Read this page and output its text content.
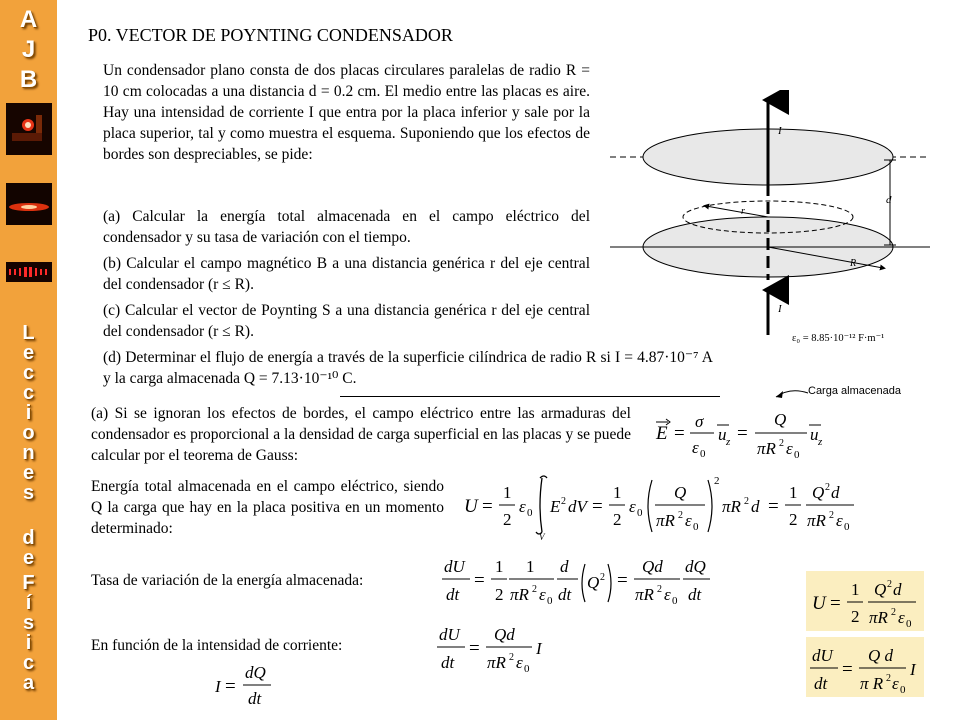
A
J
B
L
e
c
c
i
o
n
e
s
d
e
F
í
s
i
c
a
P0. VECTOR DE POYNTING CONDENSADOR
Un condensador plano consta de dos placas circulares paralelas de radio R = 10 cm colocadas a una distancia d = 0.2 cm. El medio entre las placas es aire. Hay una intensidad de corriente I que entra por la placa inferior y sale por la placa superior, tal y como muestra el esquema. Suponiendo que los efectos de bordes son despreciables, se pide:
(a) Calcular la energía total almacenada en el campo eléctrico del condensador y su tasa de variación con el tiempo.
(b) Calcular el campo magnético B a una distancia genérica r del eje central del condensador (r ≤ R).
(c) Calcular el vector de Poynting S a una distancia genérica r del eje central del condensador (r ≤ R).
(d) Determinar el flujo de energía a través de la superficie cilíndrica de radio R si I = 4.87·10⁻⁷ A y la carga almacenada Q = 7.13·10⁻¹⁰ C.
I
I
d
r
R
ε₀ = 8.85·10⁻¹² F·m⁻¹
Carga almacenada
(a) Si se ignoran los efectos de bordes, el campo eléctrico entre las armaduras del condensador es proporcional a la densidad de carga superficial en las placas y se puede calcular por el teorema de Gauss:
E =
σ
ε 0
u z =
Q
πR 2 ε 0
u z
Energía total almacenada en el campo eléctrico, siendo Q la carga que hay en la placa positiva en un momento determinado:
U =
1
2
ε 0
V
E 2 dV =
1
2
ε 0
Q
πR 2 ε 0
2
πR 2 d =
1
2
Q 2 d
πR 2 ε 0
Tasa de variación de la energía almacenada:
dU
dt
=
1
2
1
πR 2 ε 0
d
dt
Q 2 =
Qd
πR 2 ε 0
dQ
dt	U =
1
2
Q 2 d
πR 2 ε 0
En función de la intensidad de corriente:
dU
dt
=
Qd
πR 2 ε 0
I
I =
dQ
dt
dU
dt
=
Q d
π R 2 ε 0
I
